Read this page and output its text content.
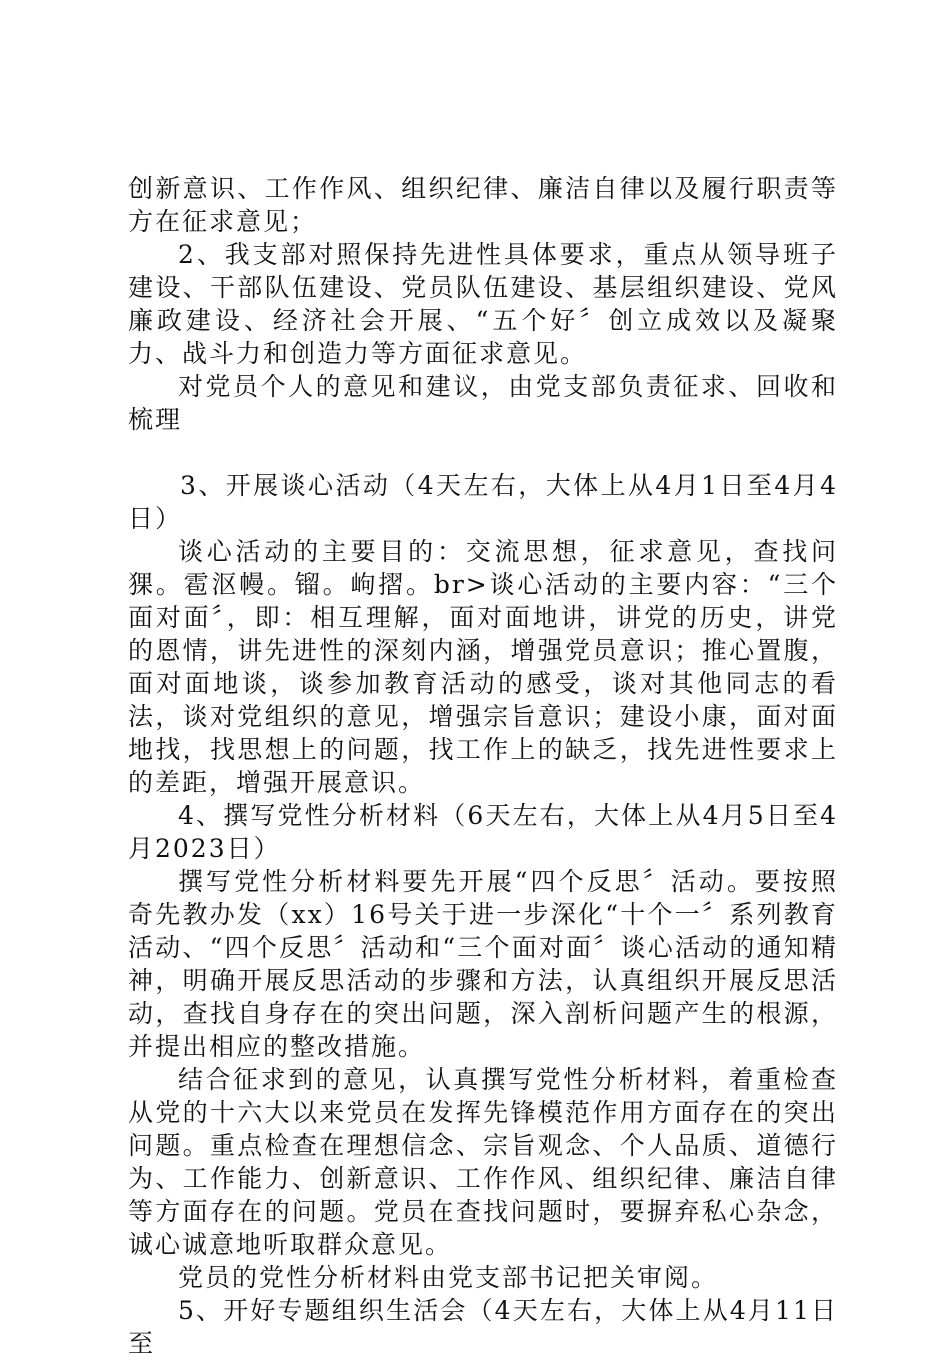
创新意识、工作作风、组织纪律、廉洁自律以及履行职责等方在征求意见；

2、我支部对照保持先进性具体要求，重点从领导班子建设、干部队伍建设、党员队伍建设、基层组织建设、党风廉政建设、经济社会开展、“五个好〞创立成效以及凝聚力、战斗力和创造力等方面征求意见。

对党员个人的意见和建议，由党支部负责征求、回收和梳理

3、开展谈心活动（4天左右，大体上从4月1日至4月4日）

谈心活动的主要目的：交流思想，征求意见，查找问猓。雹沤幔。镏。岣摺。br>谈心活动的主要内容：“三个面对面〞，即：相互理解，面对面地讲，讲党的历史，讲党的恩情，讲先进性的深刻内涵，增强党员意识；推心置腹，面对面地谈，谈参加教育活动的感受，谈对其他同志的看法，谈对党组织的意见，增强宗旨意识；建设小康，面对面地找，找思想上的问题，找工作上的缺乏，找先进性要求上的差距，增强开展意识。

4、撰写党性分析材料（6天左右，大体上从4月5日至4月2023日）

撰写党性分析材料要先开展“四个反思〞活动。要按照奇先教办发（xx）16号关于进一步深化“十个一〞系列教育活动、“四个反思〞活动和“三个面对面〞谈心活动的通知精神，明确开展反思活动的步骤和方法，认真组织开展反思活动，查找自身存在的突出问题，深入剖析问题产生的根源，并提出相应的整改措施。

结合征求到的意见，认真撰写党性分析材料，着重检查从党的十六大以来党员在发挥先锋模范作用方面存在的突出问题。重点检查在理想信念、宗旨观念、个人品质、道德行为、工作能力、创新意识、工作作风、组织纪律、廉洁自律等方面存在的问题。党员在查找问题时，要摒弃私心杂念，诚心诚意地听取群众意见。

党员的党性分析材料由党支部书记把关审阅。

5、开好专题组织生活会（4天左右，大体上从4月11日至
